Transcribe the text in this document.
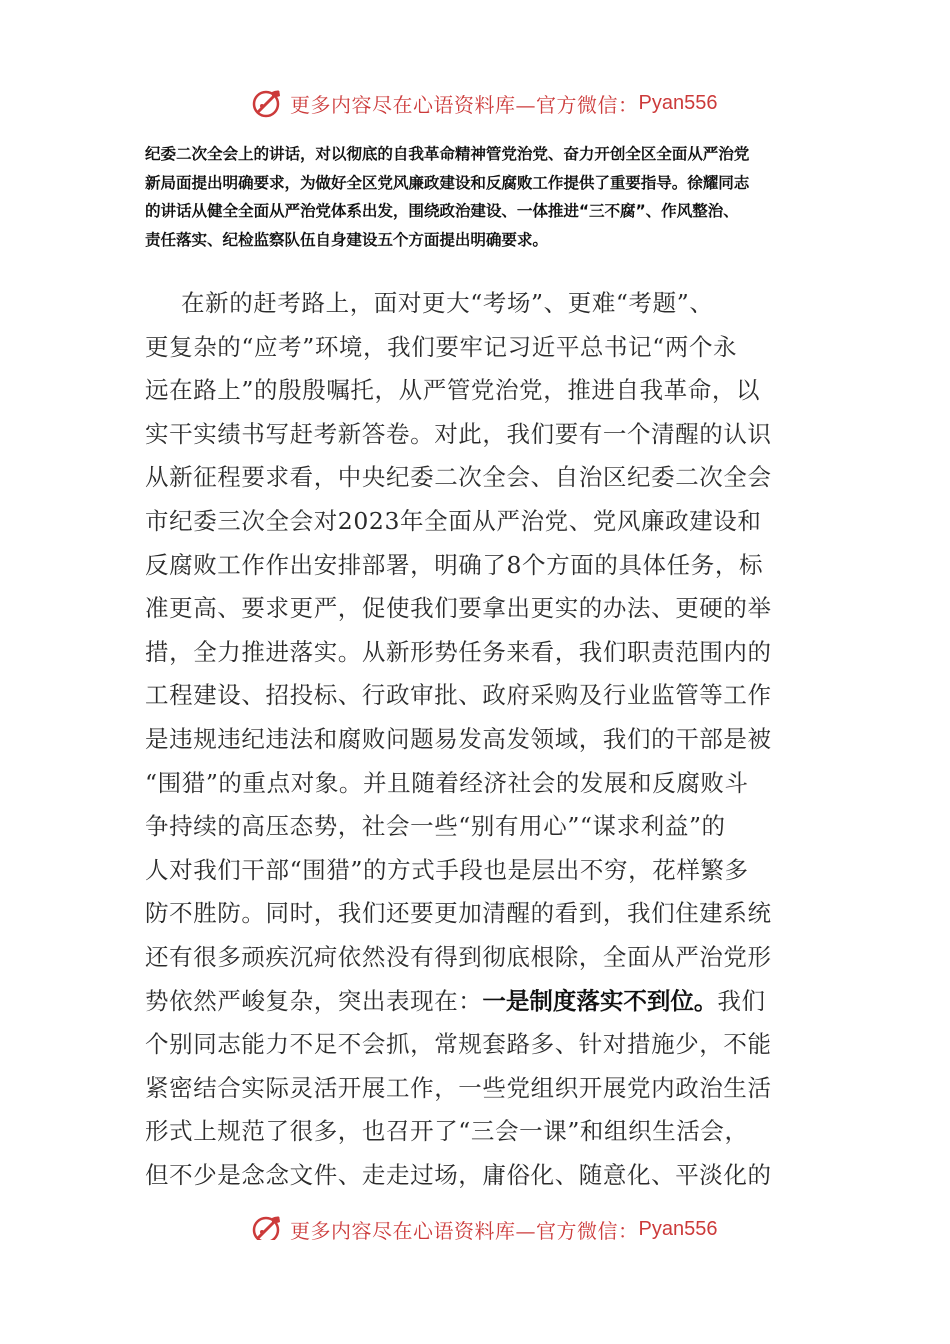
更多内容尽在心语资料库—官方微信： Pyan556
纪委二次全会上的讲话，对以彻底的自我革命精神管党治党、奋力开创全区全面从严治党
新局面提出明确要求，为做好全区党风廉政建设和反腐败工作提供了重要指导。徐耀同志
的讲话从健全全面从严治党体系出发，围绕政治建设、一体推进“三不腐”、作风整治、
责任落实、纪检监察队伍自身建设五个方面提出明确要求。
在新的赶考路上，面对更大“考场”、更难“考题”、
更复杂的“应考”环境，我们要牢记习近平总书记“两个永
远在路上”的殷殷嘱托，从严管党治党，推进自我革命，以
实干实绩书写赶考新答卷。对此，我们要有一个清醒的认识
从新征程要求看，中央纪委二次全会、自治区纪委二次全会
市纪委三次全会对2023年全面从严治党、党风廉政建设和
反腐败工作作出安排部署，明确了8个方面的具体任务，标
准更高、要求更严，促使我们要拿出更实的办法、更硬的举
措，全力推进落实。从新形势任务来看，我们职责范围内的
工程建设、招投标、行政审批、政府采购及行业监管等工作
是违规违纪违法和腐败问题易发高发领域，我们的干部是被
“围猎”的重点对象。并且随着经济社会的发展和反腐败斗
争持续的高压态势，社会一些“别有用心”“谋求利益”的
人对我们干部“围猎”的方式手段也是层出不穷，花样繁多
防不胜防。同时，我们还要更加清醒的看到，我们住建系统
还有很多顽疾沉疴依然没有得到彻底根除，全面从严治党形
势依然严峻复杂，突出表现在：一是制度落实不到位。我们
个别同志能力不足不会抓，常规套路多、针对措施少，不能
紧密结合实际灵活开展工作，一些党组织开展党内政治生活
形式上规范了很多，也召开了“三会一课”和组织生活会，
但不少是念念文件、走走过场，庸俗化、随意化、平淡化的
更多内容尽在心语资料库—官方微信： Pyan556
